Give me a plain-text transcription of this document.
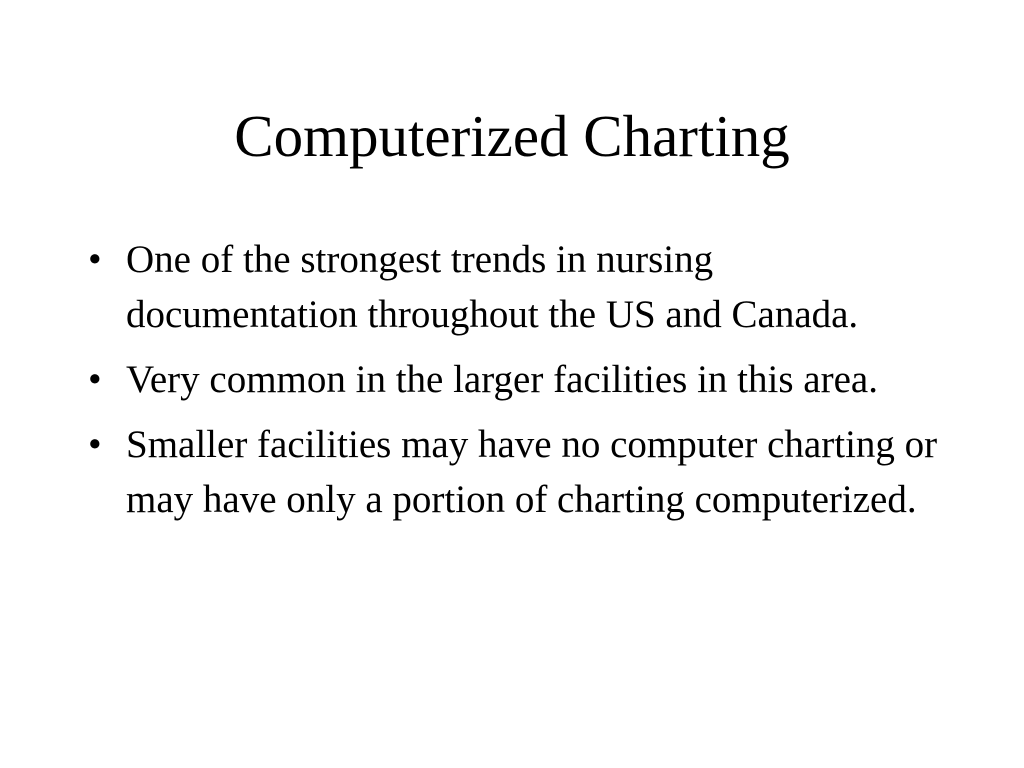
Computerized Charting
• One of the strongest trends in nursing documentation throughout the US and Canada.
• Very common in the larger facilities in this area.
• Smaller facilities may have no computer charting or may have only a portion of charting computerized.
